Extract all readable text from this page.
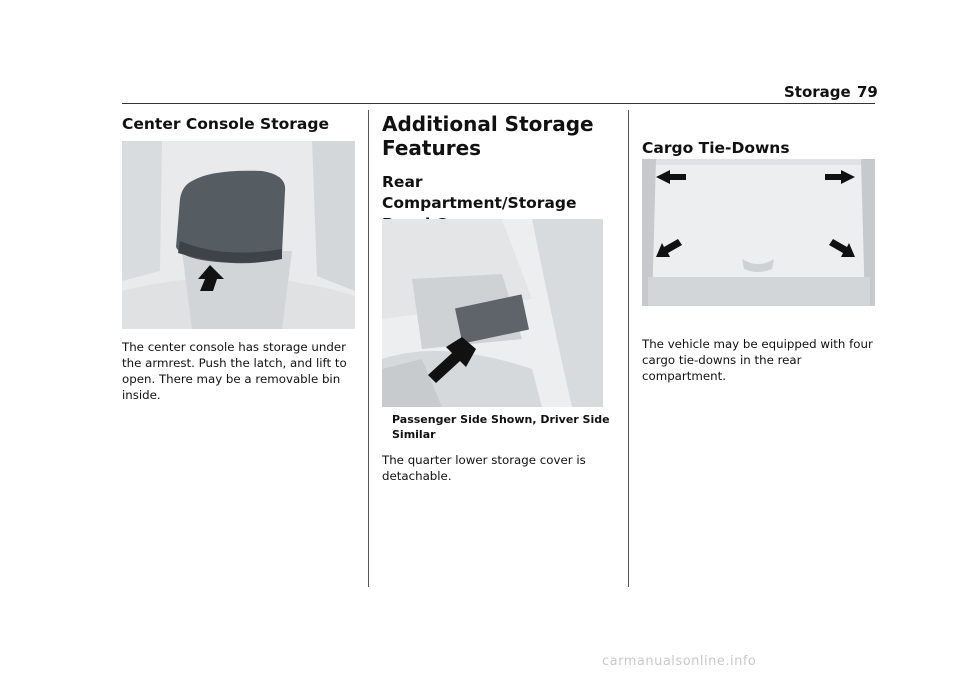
Storage 79
Center Console Storage

The center console has storage under the armrest. Push the latch, and lift to open. There may be a removable bin inside.

Additional Storage Features
Rear Compartment/Storage

Passenger Side Shown, Driver Side Similar

The quarter lower storage cover is detachable.

Cargo Tie-Downs

The vehicle may be equipped with four cargo tie-downs in the rear compartment.

carmanualsonline.info
